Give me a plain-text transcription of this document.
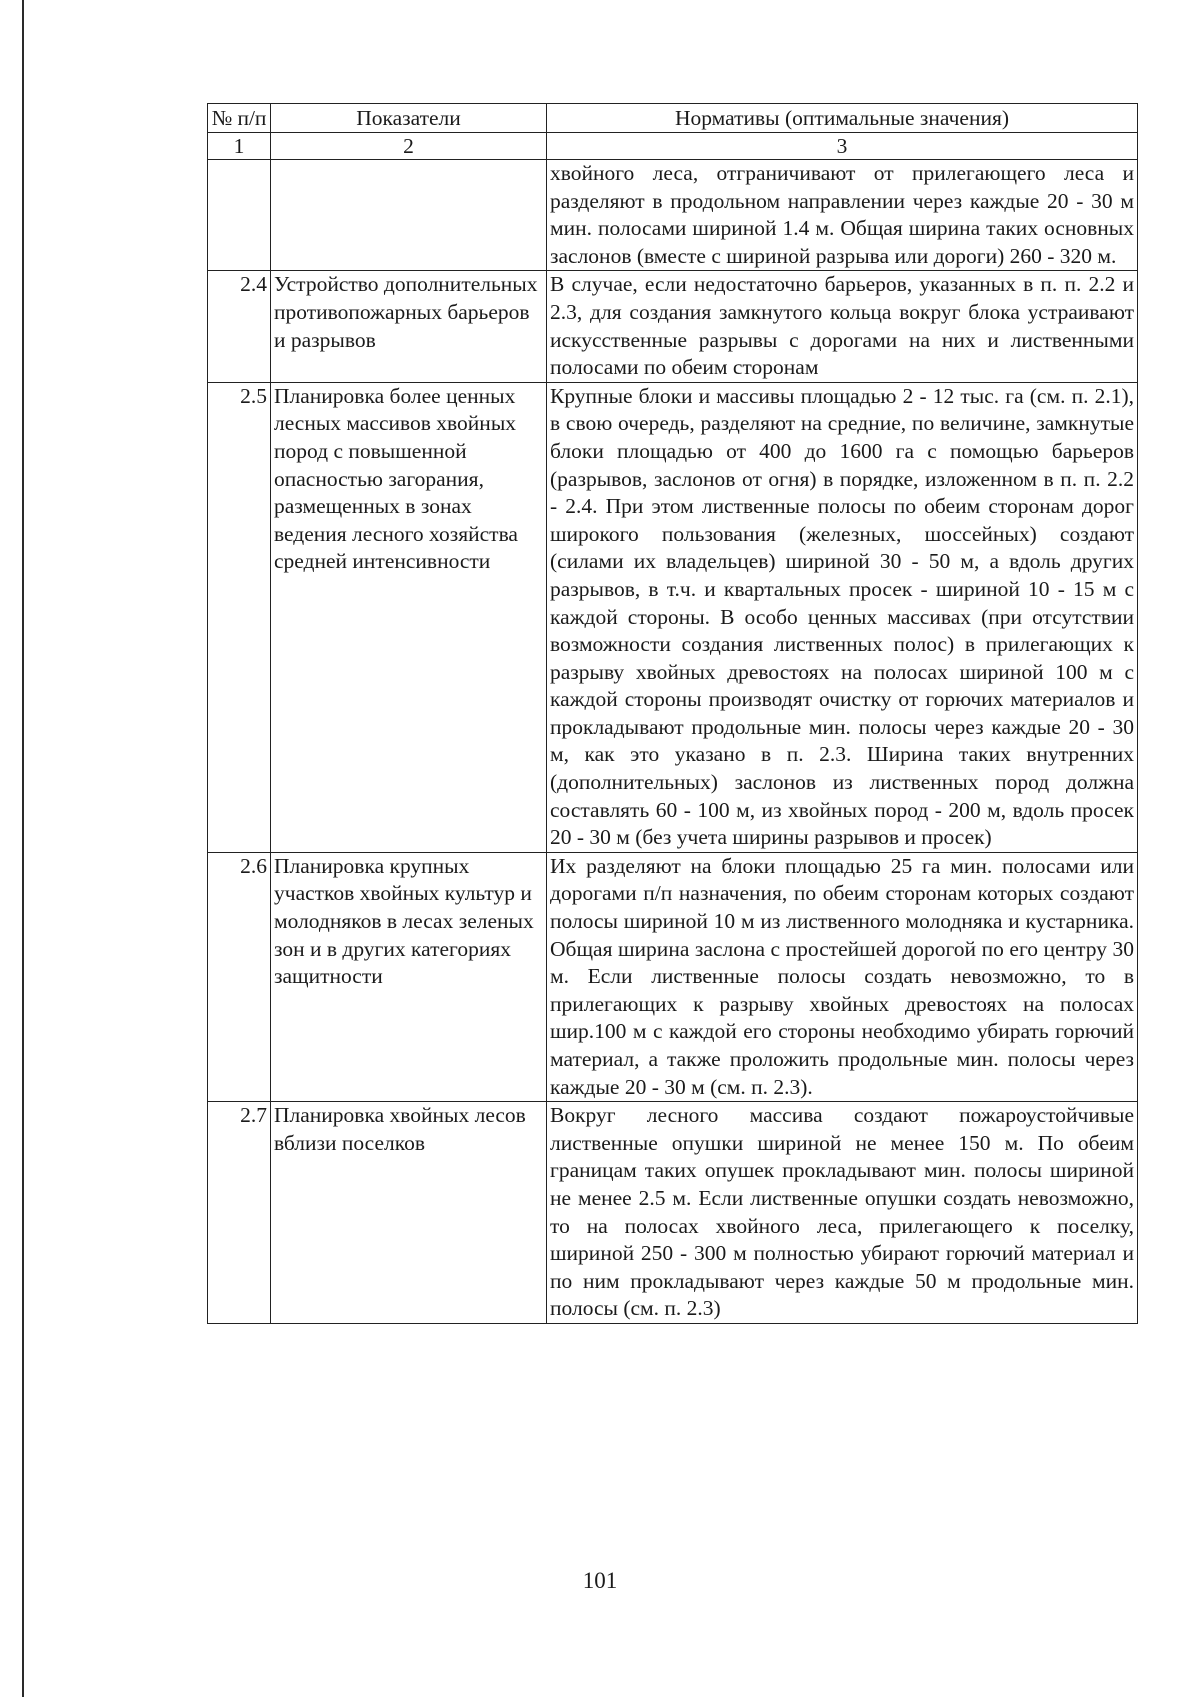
№ п/п	Показатели	Нормативы (оптимальные значения)
1	2	3
		хвойного леса, отграничивают от прилегающего леса и разделяют в продольном направлении через каждые 20 - 30 м мин. полосами шириной 1.4 м. Общая ширина таких основных заслонов (вместе с шириной разрыва или дороги) 260 - 320 м.
2.4	Устройство дополнительных противопожарных барьеров и разрывов	В случае, если недостаточно барьеров, указанных в п. п. 2.2 и 2.3, для создания замкнутого кольца вокруг блока устраивают искусственные разрывы с дорогами на них и лиственными полосами по обеим сторонам
2.5	Планировка более ценных лесных массивов хвойных пород с повышенной опасностью загорания, размещенных в зонах ведения лесного хозяйства средней интенсивности	Крупные блоки и массивы площадью 2 - 12 тыс. га (см. п. 2.1), в свою очередь, разделяют на средние, по величине, замкнутые блоки площадью от 400 до 1600 га с помощью барьеров (разрывов, заслонов от огня) в порядке, изложенном в п. п. 2.2 - 2.4. При этом лиственные полосы по обеим сторонам дорог широкого пользования (железных, шоссейных) создают (силами их владельцев) шириной 30 - 50 м, а вдоль других разрывов, в т.ч. и квартальных просек - шириной 10 - 15 м с каждой стороны. В особо ценных массивах (при отсутствии возможности создания лиственных полос) в прилегающих к разрыву хвойных древостоях на полосах шириной 100 м с каждой стороны производят очистку от горючих материалов и прокладывают продольные мин. полосы через каждые 20 - 30 м, как это указано в п. 2.3. Ширина таких внутренних (дополнительных) заслонов из лиственных пород должна составлять 60 - 100 м, из хвойных пород - 200 м, вдоль просек 20 - 30 м (без учета ширины разрывов и просек)
2.6	Планировка крупных участков хвойных культур и молодняков в лесах зеленых зон и в других категориях защитности	Их разделяют на блоки площадью 25 га мин. полосами или дорогами п/п назначения, по обеим сторонам которых создают полосы шириной 10 м из лиственного молодняка и кустарника. Общая ширина заслона с простейшей дорогой по его центру 30 м. Если лиственные полосы создать невозможно, то в прилегающих к разрыву хвойных древостоях на полосах шир.100 м с каждой его стороны необходимо убирать горючий материал, а также проложить продольные мин. полосы через каждые 20 - 30 м (см. п. 2.3).
2.7	Планировка хвойных лесов вблизи поселков	Вокруг лесного массива создают пожароустойчивые лиственные опушки шириной не менее 150 м. По обеим границам таких опушек прокладывают мин. полосы шириной не менее 2.5 м. Если лиственные опушки создать невозможно, то на полосах хвойного леса, прилегающего к поселку, шириной 250 - 300 м полностью убирают горючий материал и по ним прокладывают через каждые 50 м продольные мин. полосы (см. п. 2.3)
101
